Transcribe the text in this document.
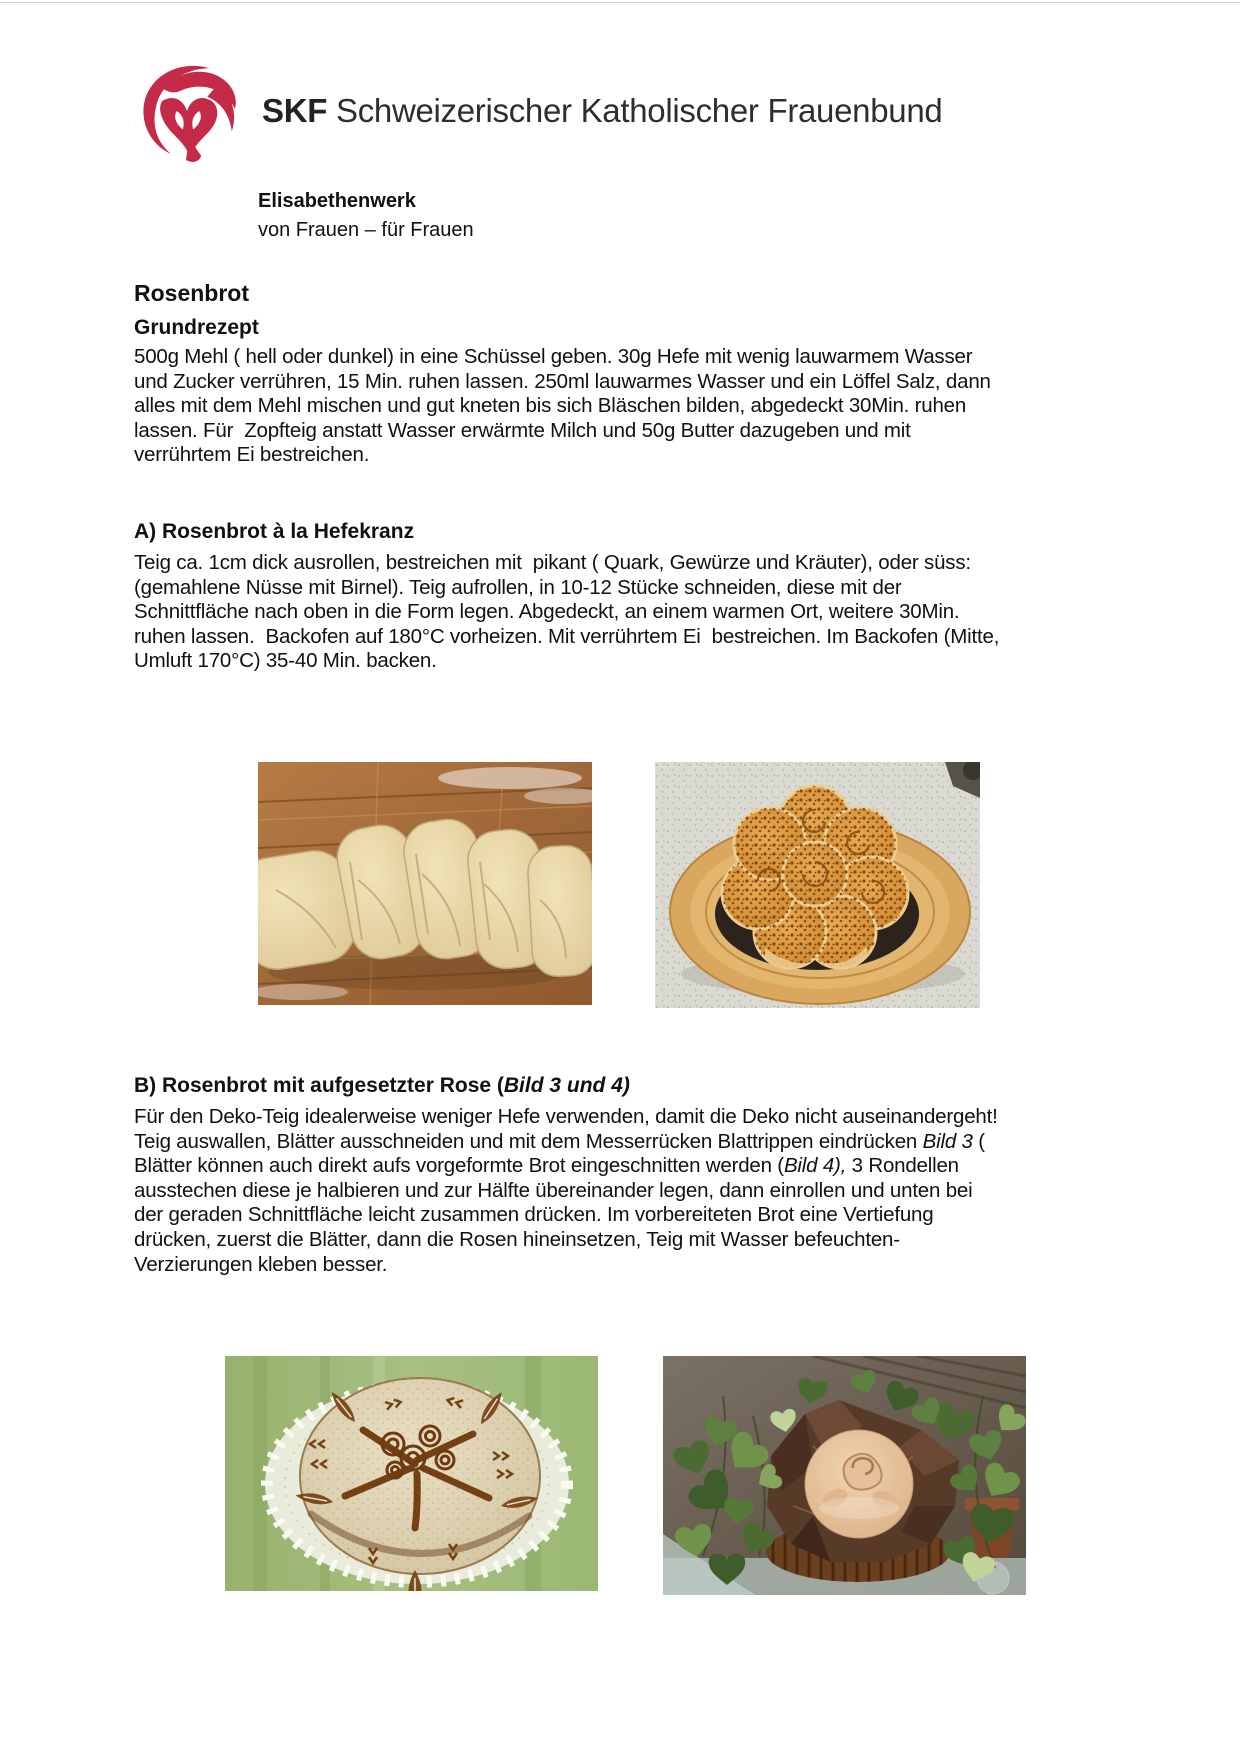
SKF Schweizerischer Katholischer Frauenbund
Elisabethenwerk
von Frauen – für Frauen
Rosenbrot
Grundrezept

500g Mehl ( hell oder dunkel) in eine Schüssel geben. 30g Hefe mit wenig lauwarmem Wasser und Zucker verrühren, 15 Min. ruhen lassen. 250ml lauwarmes Wasser und ein Löffel Salz, dann alles mit dem Mehl mischen und gut kneten bis sich Bläschen bilden, abgedeckt 30Min. ruhen lassen. Für  Zopfteig anstatt Wasser erwärmte Milch und 50g Butter dazugeben und mit verrührtem Ei bestreichen.

A) Rosenbrot à la Hefekranz

Teig ca. 1cm dick ausrollen, bestreichen mit  pikant ( Quark, Gewürze und Kräuter), oder süss: (gemahlene Nüsse mit Birnel). Teig aufrollen, in 10-12 Stücke schneiden, diese mit der Schnittfläche nach oben in die Form legen. Abgedeckt, an einem warmen Ort, weitere 30Min. ruhen lassen.  Backofen auf 180°C vorheizen. Mit verrührtem Ei  bestreichen. Im Backofen (Mitte, Umluft 170°C) 35-40 Min. backen.

B) Rosenbrot mit aufgesetzter Rose (Bild 3 und 4)

Für den Deko-Teig idealerweise weniger Hefe verwenden, damit die Deko nicht auseinandergeht! Teig auswallen, Blätter ausschneiden und mit dem Messerrücken Blattrippen eindrücken Bild 3 ( Blätter können auch direkt aufs vorgeformte Brot eingeschnitten werden (Bild 4), 3 Rondellen ausstechen diese je halbieren und zur Hälfte übereinander legen, dann einrollen und unten bei der geraden Schnittfläche leicht zusammen drücken. Im vorbereiteten Brot eine Vertiefung drücken, zuerst die Blätter, dann die Rosen hineinsetzen, Teig mit Wasser befeuchten-Verzierungen kleben besser.
